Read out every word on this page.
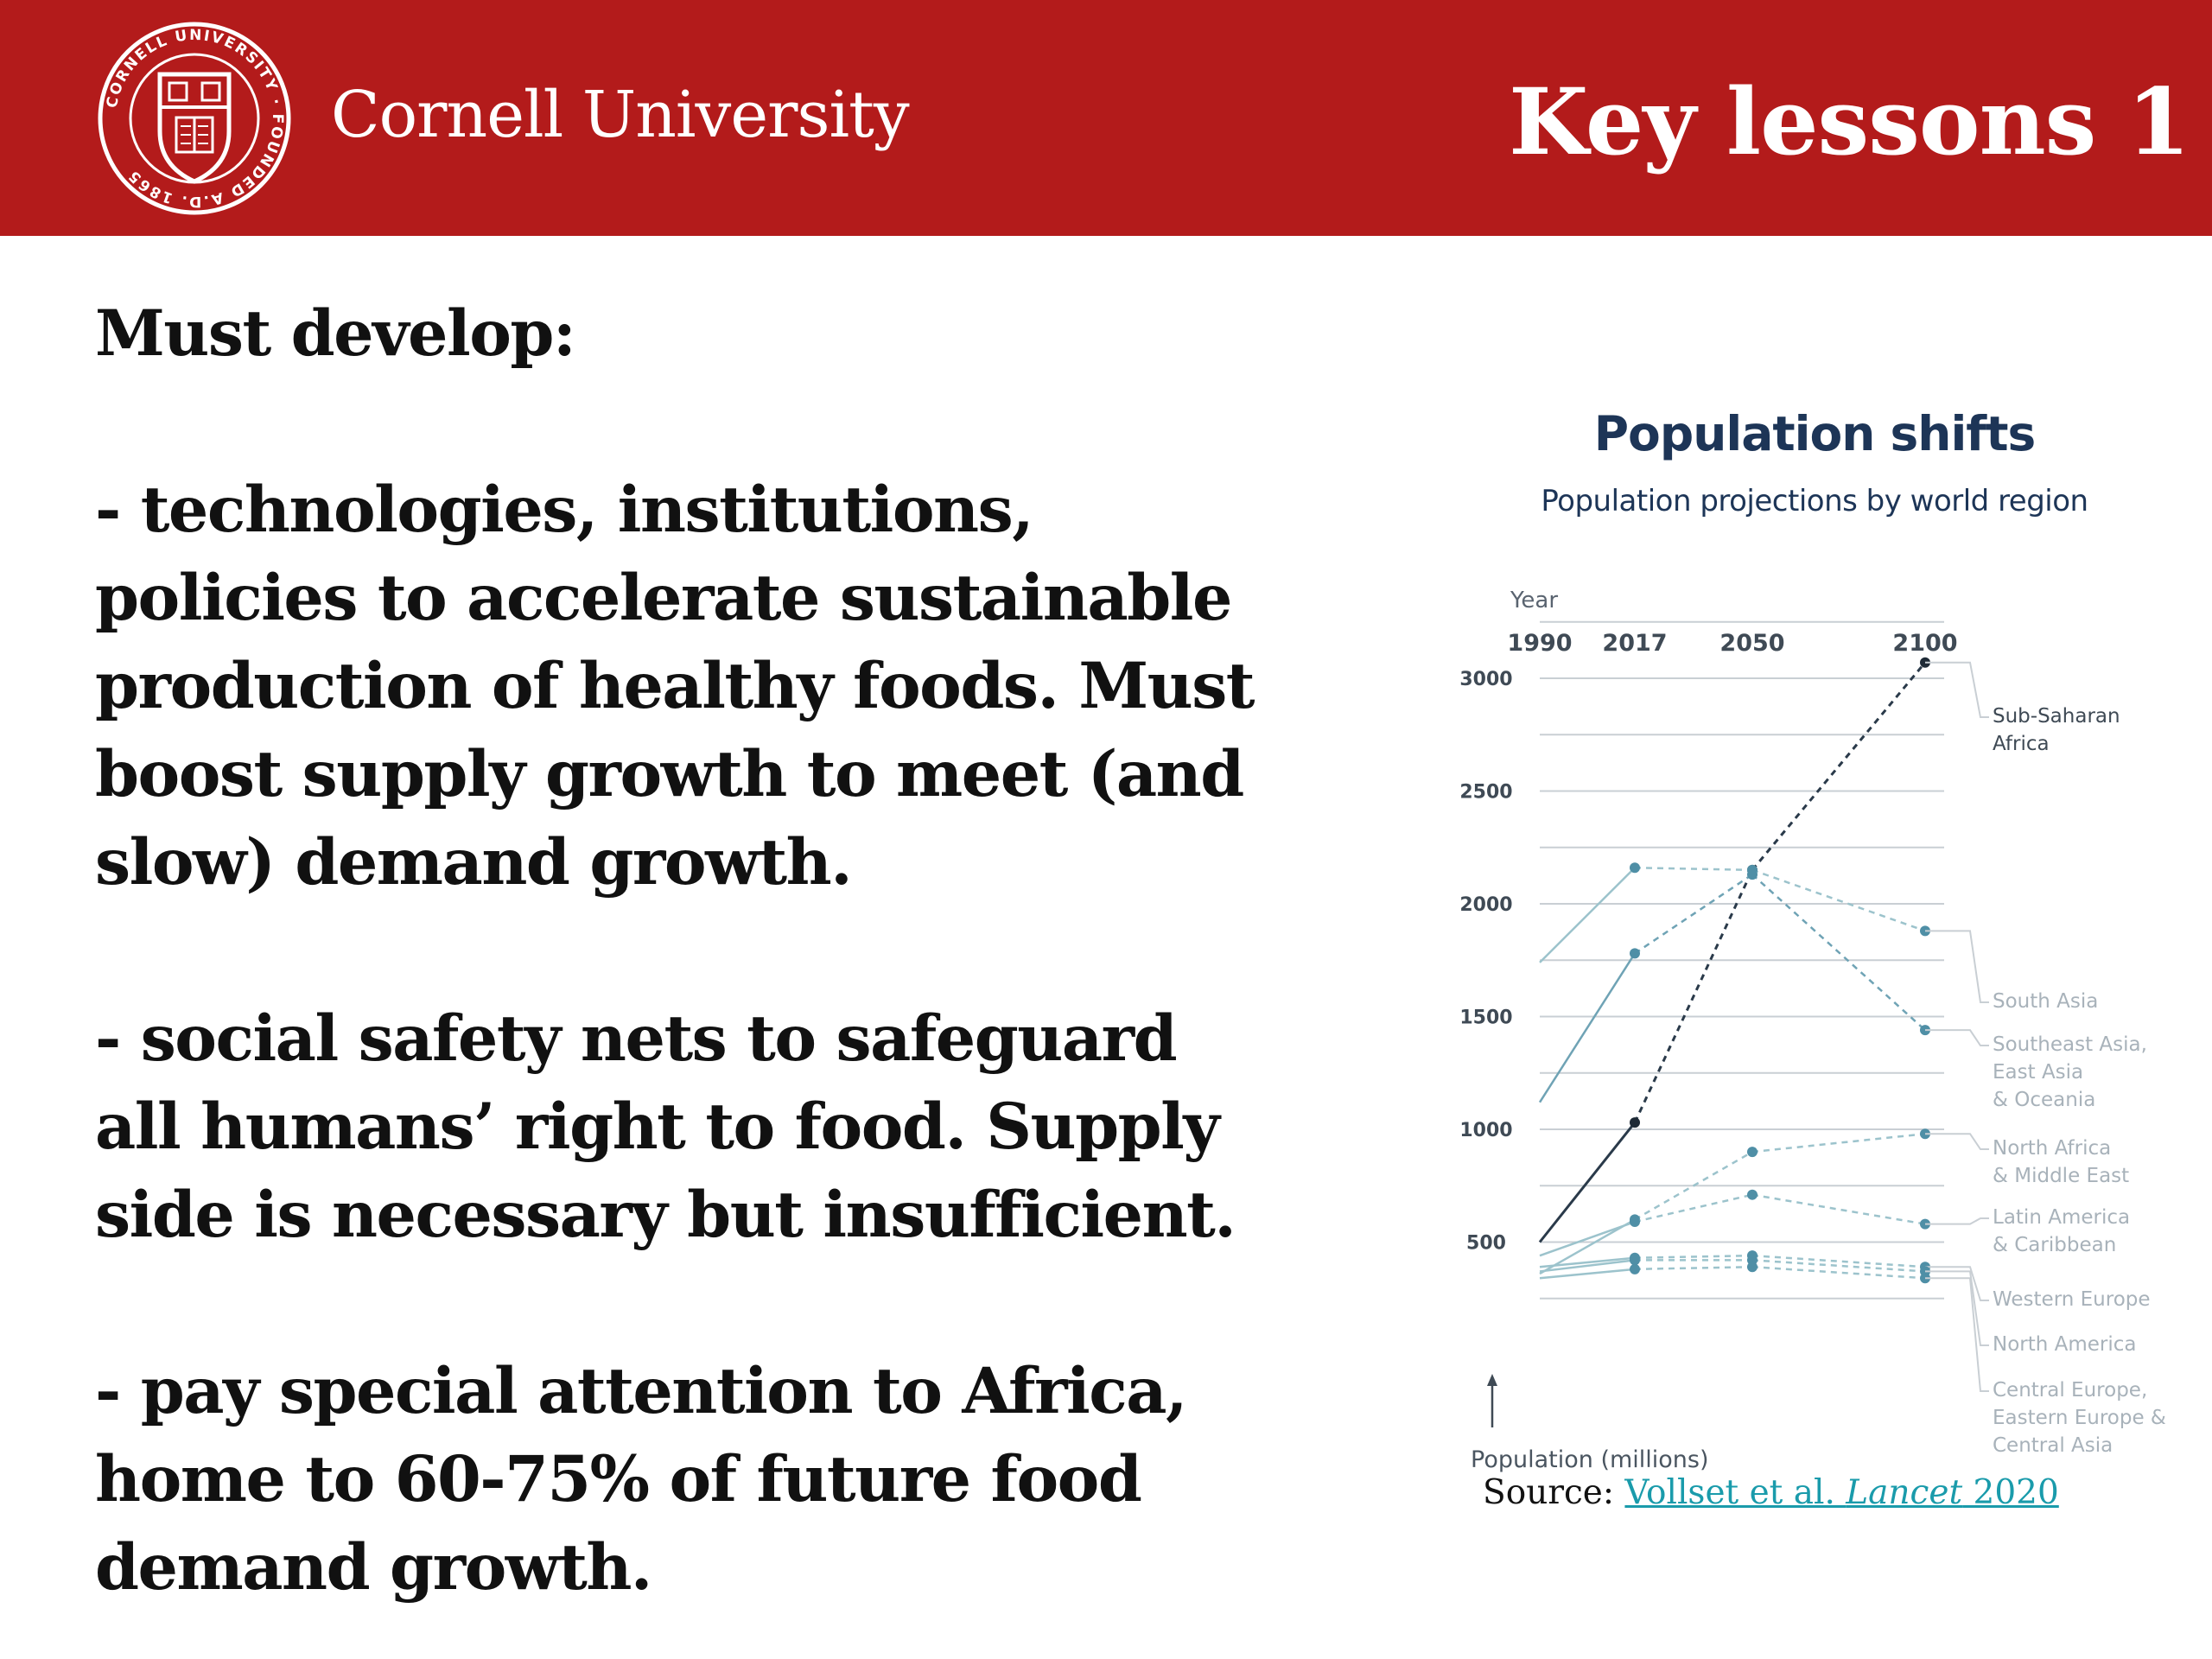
CORNELL UNIVERSITY · FOUNDED A.D. 1865
Cornell University	Key lessons 1

Must develop:

- technologies, institutions,
policies to accelerate sustainable
production of healthy foods. Must
boost supply growth to meet (and
slow) demand growth.

- social safety nets to safeguard
all humans’ right to food. Supply
side is necessary but insufficient.

- pay special attention to Africa,
home to 60-75% of future food
demand growth.

Population shifts
Population projections by world region
Year
1990 2017 2050	2100
500
1000
1500
2000
2500
3000
Sub-Saharan Africa
South Asia
Southeast Asia, East Asia & Oceania
North Africa & Middle East
Latin America & Caribbean
Western Europe
North America
Central Europe, Eastern Europe & Central Asia
Population (millions)
Source: Vollset et al. Lancet 2020
